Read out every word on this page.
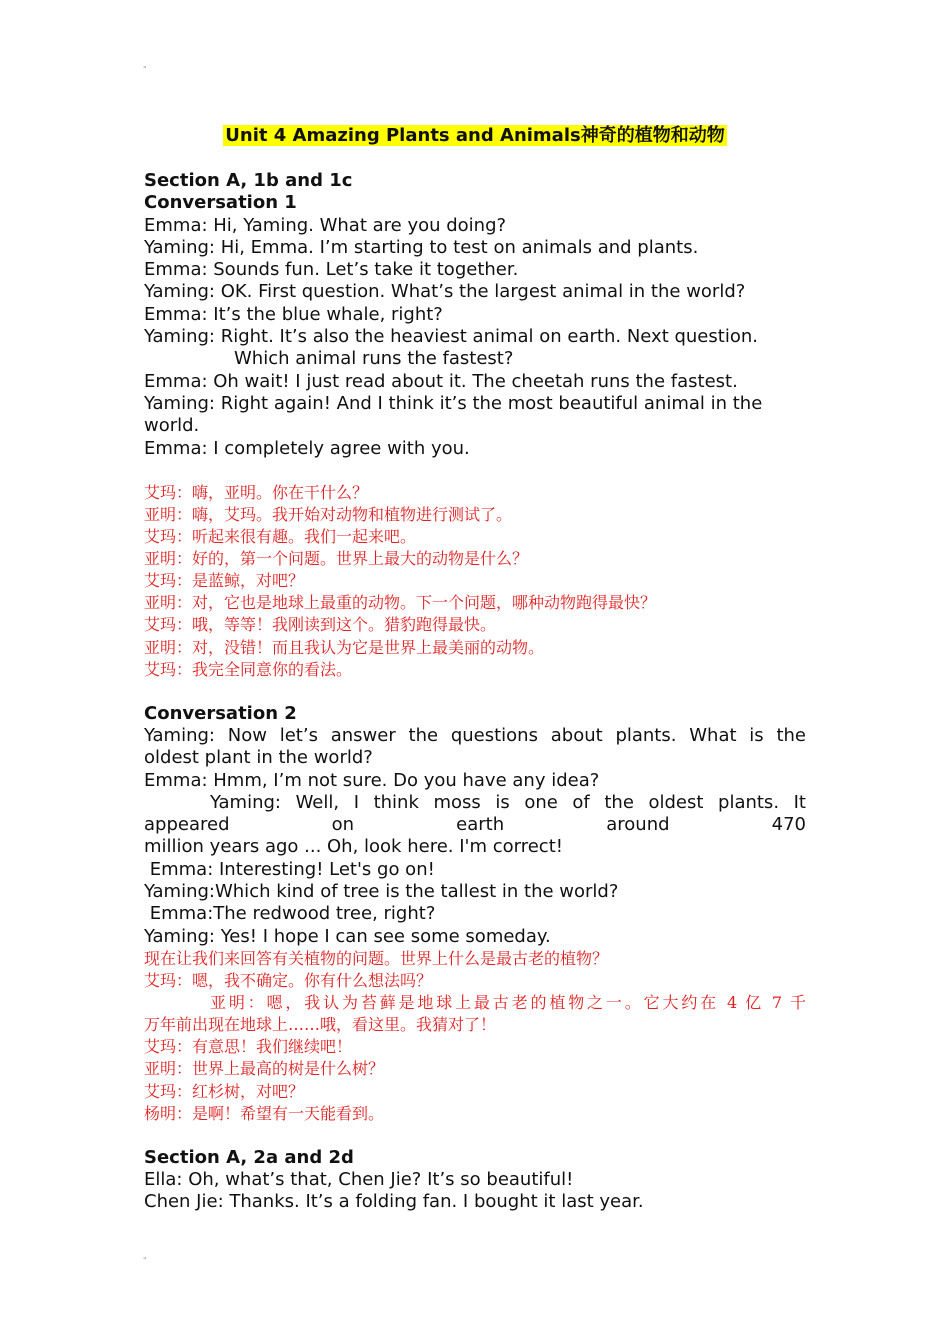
"
"
Unit 4 Amazing Plants and Animals神奇的植物和动物

Section A, 1b and 1c

Conversation 1

Emma: Hi, Yaming. What are you doing?

Yaming: Hi, Emma. I’m starting to test on animals and plants.

Emma: Sounds fun. Let’s take it together.

Yaming: OK. First question. What’s the largest animal in the world?

Emma: It’s the blue whale, right?

Yaming: Right. It’s also the heaviest animal on earth. Next question.

Which animal runs the fastest?

Emma: Oh wait! I just read about it. The cheetah runs the fastest.

Yaming: Right again! And I think it’s the most beautiful animal in the

world.

Emma: I completely agree with you.

艾玛：嗨，亚明。你在干什么？

亚明：嗨，艾玛。我开始对动物和植物进行测试了。

艾玛：听起来很有趣。我们一起来吧。

亚明：好的，第一个问题。世界上最大的动物是什么？

艾玛：是蓝鲸，对吧？

亚明：对，它也是地球上最重的动物。下一个问题，哪种动物跑得最快？

艾玛：哦，等等！我刚读到这个。猎豹跑得最快。

亚明：对，没错！而且我认为它是世界上最美丽的动物。

艾玛：我完全同意你的看法。

Conversation 2

Yaming: Now let’s answer the questions about plants. What is the

oldest plant in the world?

Emma: Hmm, I’m not sure. Do you have any idea?

Yaming: Well, I think moss is one of the oldest plants. It

appeared on earth around 470

million years ago ... Oh, look here. I'm correct!

Emma: Interesting! Let's go on!

Yaming:Which kind of tree is the tallest in the world?

Emma:The redwood tree, right?

Yaming: Yes! I hope I can see some someday.

现在让我们来回答有关植物的问题。世界上什么是最古老的植物？

艾玛：嗯，我不确定。你有什么想法吗？

亚明：嗯，我认为苔藓是地球上最古老的植物之一。它大约在 4 亿 7 千

万年前出现在地球上……哦，看这里。我猜对了！

艾玛：有意思！我们继续吧！

亚明：世界上最高的树是什么树？

艾玛：红杉树，对吧？

杨明：是啊！希望有一天能看到。

Section A, 2a and 2d

Ella: Oh, what’s that, Chen Jie? It’s so beautiful!

Chen Jie: Thanks. It’s a folding fan. I bought it last year.
